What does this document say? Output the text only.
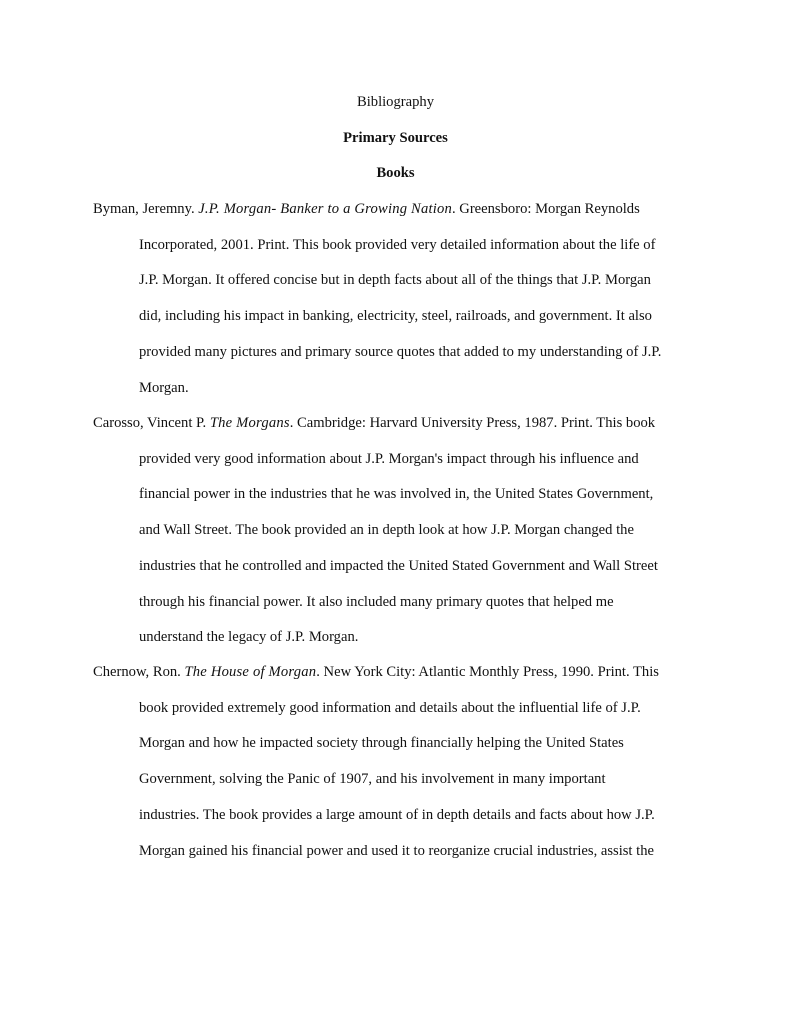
Bibliography
Primary Sources
Books
Byman, Jeremny. J.P. Morgan- Banker to a Growing Nation. Greensboro: Morgan Reynolds
Incorporated, 2001. Print. This book provided very detailed information about the life of
J.P. Morgan. It offered concise but in depth facts about all of the things that J.P. Morgan
did, including his impact in banking, electricity, steel, railroads, and government. It also
provided many pictures and primary source quotes that added to my understanding of J.P.
Morgan.
Carosso, Vincent P. The Morgans. Cambridge: Harvard University Press, 1987. Print. This book
provided very good information about J.P. Morgan's impact through his influence and
financial power in the industries that he was involved in, the United States Government,
and Wall Street. The book provided an in depth look at how J.P. Morgan changed the
industries that he controlled and impacted the United Stated Government and Wall Street
through his financial power. It also included many primary quotes that helped me
understand the legacy of J.P. Morgan.
Chernow, Ron. The House of Morgan. New York City: Atlantic Monthly Press, 1990. Print. This
book provided extremely good information and details about the influential life of J.P.
Morgan and how he impacted society through financially helping the United States
Government, solving the Panic of 1907, and his involvement in many important
industries. The book provides a large amount of in depth details and facts about how J.P.
Morgan gained his financial power and used it to reorganize crucial industries, assist the
